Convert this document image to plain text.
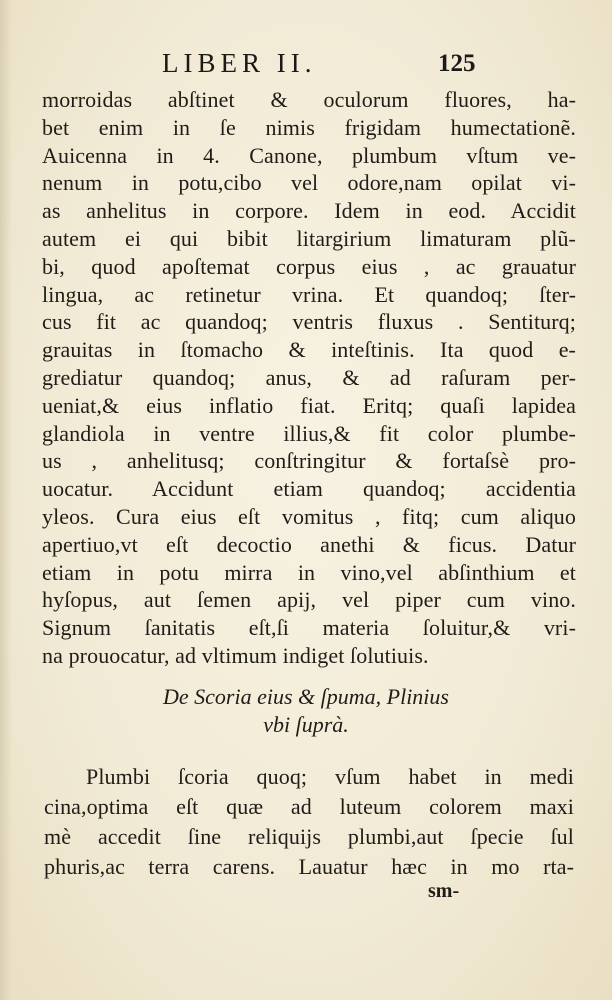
LIBER II.	125
morroidas abſtinet & oculorum fluores, ha-
bet enim in ſe nimis frigidam humectationẽ.
Auicenna in 4. Canone, plumbum vſtum ve-
nenum in potu,cibo vel odore,nam opilat vi-
as anhelitus in corpore. Idem in eod. Accidit
autem ei qui bibit litargirium limaturam plũ-
bi, quod apoſtemat corpus eius , ac grauatur
lingua, ac retinetur vrina. Et quandoq; ſter-
cus fit ac quandoq; ventris fluxus . Sentiturq;
grauitas in ſtomacho & inteſtinis. Ita quod e-
grediatur quandoq; anus, & ad raſuram per-
ueniat,& eius inflatio fiat. Eritq; quaſi lapidea
glandiola in ventre illius,& fit color plumbe-
us , anhelitusq; conſtringitur & fortaſsè pro-
uocatur. Accidunt etiam quandoq; accidentia
yleos. Cura eius eſt vomitus , fitq; cum aliquo
apertiuo,vt eſt decoctio anethi & ficus. Datur
etiam in potu mirra in vino,vel abſinthium et
hyſopus, aut ſemen apij, vel piper cum vino.
Signum ſanitatis eſt,ſi materia ſoluitur,& vri-
na prouocatur, ad vltimum indiget ſolutiuis.

De Scoria eius & ſpuma, Plinius

vbi ſuprà.

Plumbi ſcoria quoq; vſum habet in medi
cina,optima eſt quæ ad luteum colorem maxi
mè accedit ſine reliquijs plumbi,aut ſpecie ſul
phuris,ac terra carens. Lauatur hæc in mo rta-
sm-
